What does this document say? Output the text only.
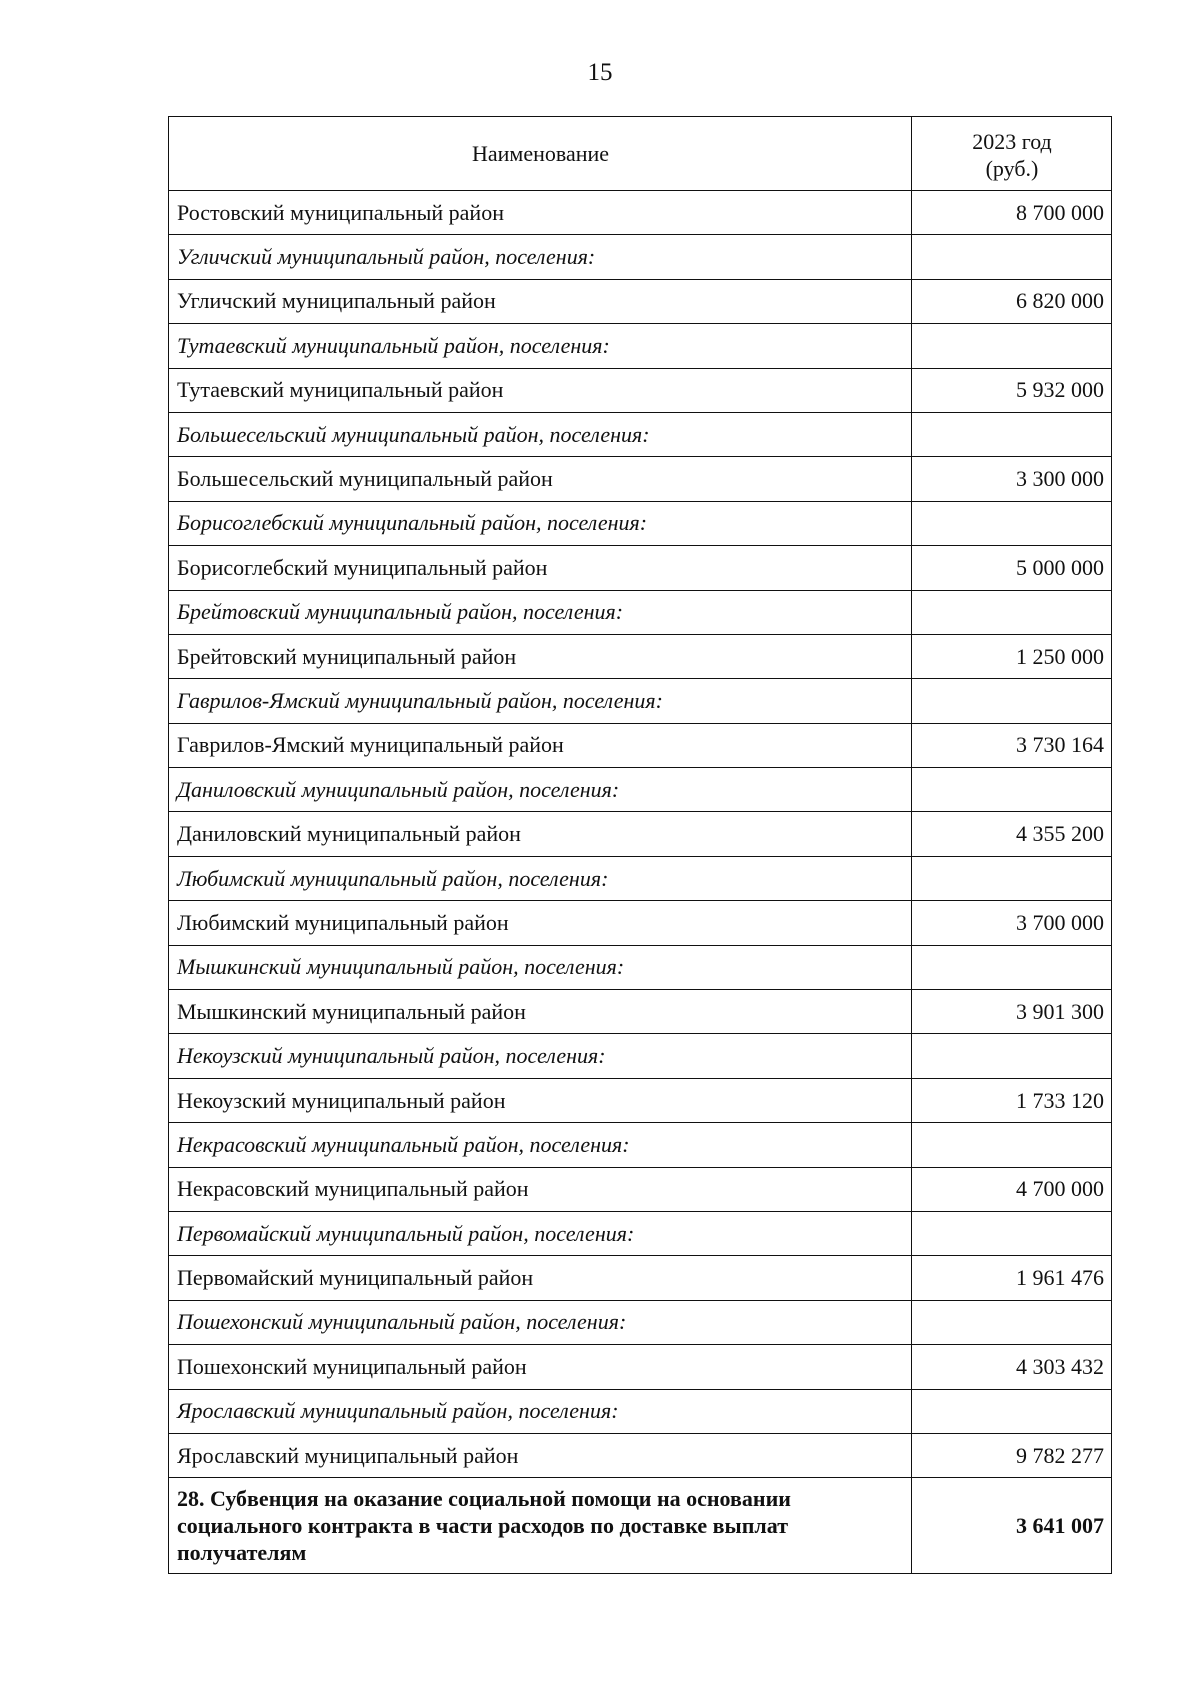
15
Наименование	2023 год
(руб.)

Ростовский муниципальный район	8 700 000
Угличский муниципальный район, поселения:	
Угличский муниципальный район	6 820 000
Тутаевский муниципальный район, поселения:	
Тутаевский муниципальный район	5 932 000
Большесельский муниципальный район, поселения:	
Большесельский муниципальный район	3 300 000
Борисоглебский муниципальный район, поселения:	
Борисоглебский муниципальный район	5 000 000
Брейтовский муниципальный район, поселения:	
Брейтовский муниципальный район	1 250 000
Гаврилов-Ямский муниципальный район, поселения:	
Гаврилов-Ямский муниципальный район	3 730 164
Даниловский муниципальный район, поселения:	
Даниловский муниципальный район	4 355 200
Любимский муниципальный район, поселения:	
Любимский муниципальный район	3 700 000
Мышкинский муниципальный район, поселения:	
Мышкинский муниципальный район	3 901 300
Некоузский муниципальный район, поселения:	
Некоузский муниципальный район	1 733 120
Некрасовский муниципальный район, поселения:	
Некрасовский муниципальный район	4 700 000
Первомайский муниципальный район, поселения:	
Первомайский муниципальный район	1 961 476
Пошехонский муниципальный район, поселения:	
Пошехонский муниципальный район	4 303 432
Ярославский муниципальный район, поселения:	
Ярославский муниципальный район	9 782 277
28. Субвенция на оказание социальной помощи на основании социального контракта в части расходов по доставке выплат получателям	3 641 007
